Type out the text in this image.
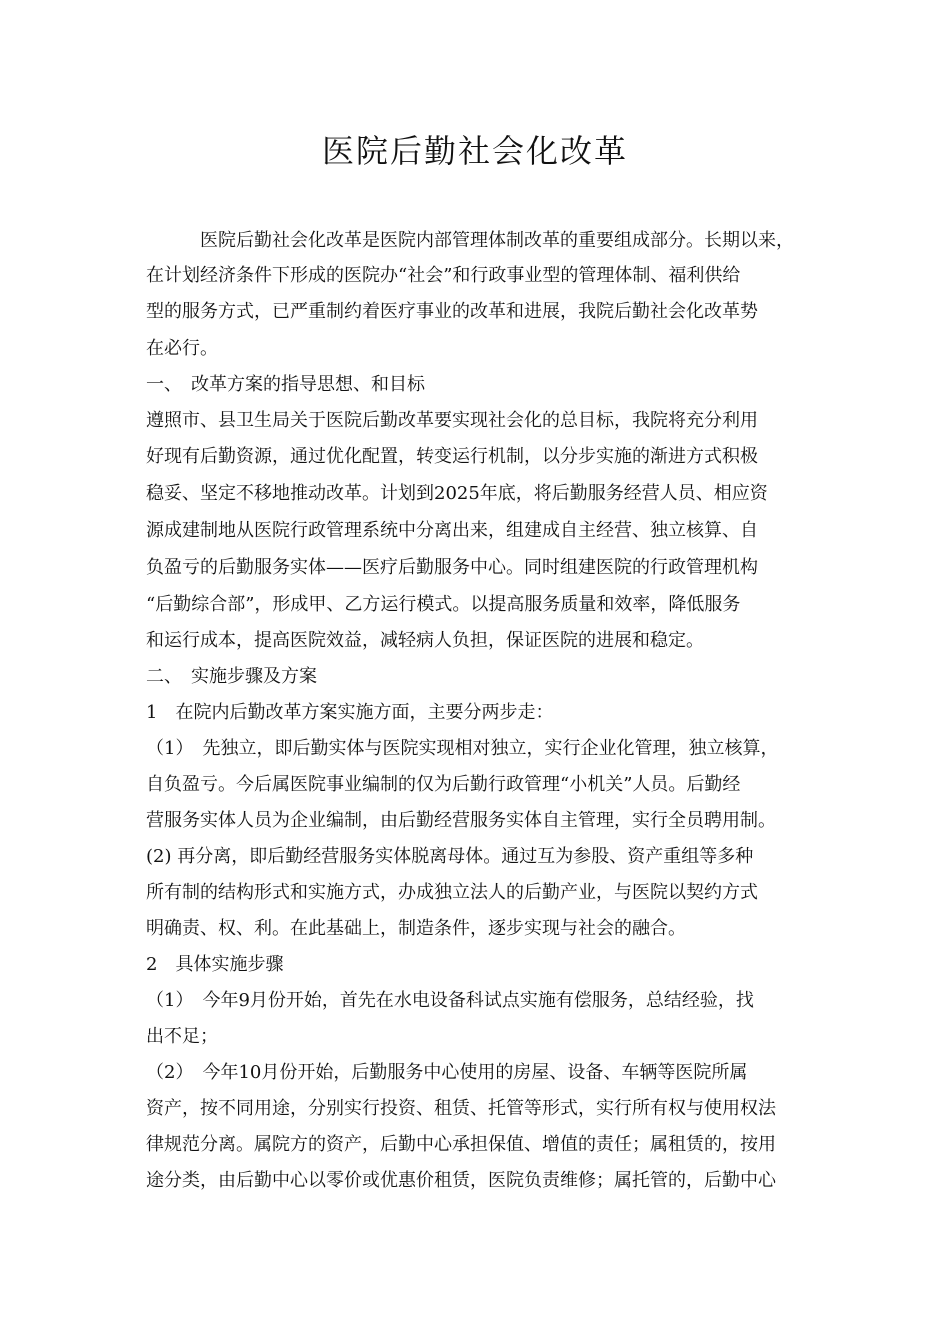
医院后勤社会化改革
　　　医院后勤社会化改革是医院内部管理体制改革的重要组成部分。长期以来，
在计划经济条件下形成的医院办“社会”和行政事业型的管理体制、福利供给
型的服务方式，已严重制约着医疗事业的改革和进展，我院后勤社会化改革势
在必行。
一、　改革方案的指导思想、和目标
遵照市、县卫生局关于医院后勤改革要实现社会化的总目标，我院将充分利用
好现有后勤资源，通过优化配置，转变运行机制，以分步实施的渐进方式积极
稳妥、坚定不移地推动改革。计划到2025年底，将后勤服务经营人员、相应资
源成建制地从医院行政管理系统中分离出来，组建成自主经营、独立核算、自
负盈亏的后勤服务实体——医疗后勤服务中心。同时组建医院的行政管理机构
“后勤综合部”，形成甲、乙方运行模式。以提高服务质量和效率，降低服务
和运行成本，提高医院效益，减轻病人负担，保证医院的进展和稳定。
二、　实施步骤及方案
1　在院内后勤改革方案实施方面，主要分两步走：
（1）　先独立，即后勤实体与医院实现相对独立，实行企业化管理，独立核算，
自负盈亏。今后属医院事业编制的仅为后勤行政管理“小机关”人员。后勤经
营服务实体人员为企业编制，由后勤经营服务实体自主管理，实行全员聘用制。
(2) 再分离，即后勤经营服务实体脱离母体。通过互为参股、资产重组等多种
所有制的结构形式和实施方式，办成独立法人的后勤产业，与医院以契约方式
明确责、权、利。在此基础上，制造条件，逐步实现与社会的融合。
2　具体实施步骤
（1）　今年9月份开始，首先在水电设备科试点实施有偿服务，总结经验，找
出不足；
（2）　今年10月份开始，后勤服务中心使用的房屋、设备、车辆等医院所属
资产，按不同用途，分别实行投资、租赁、托管等形式，实行所有权与使用权法
律规范分离。属院方的资产，后勤中心承担保值、增值的责任；属租赁的，按用
途分类，由后勤中心以零价或优惠价租赁，医院负责维修；属托管的，后勤中心
